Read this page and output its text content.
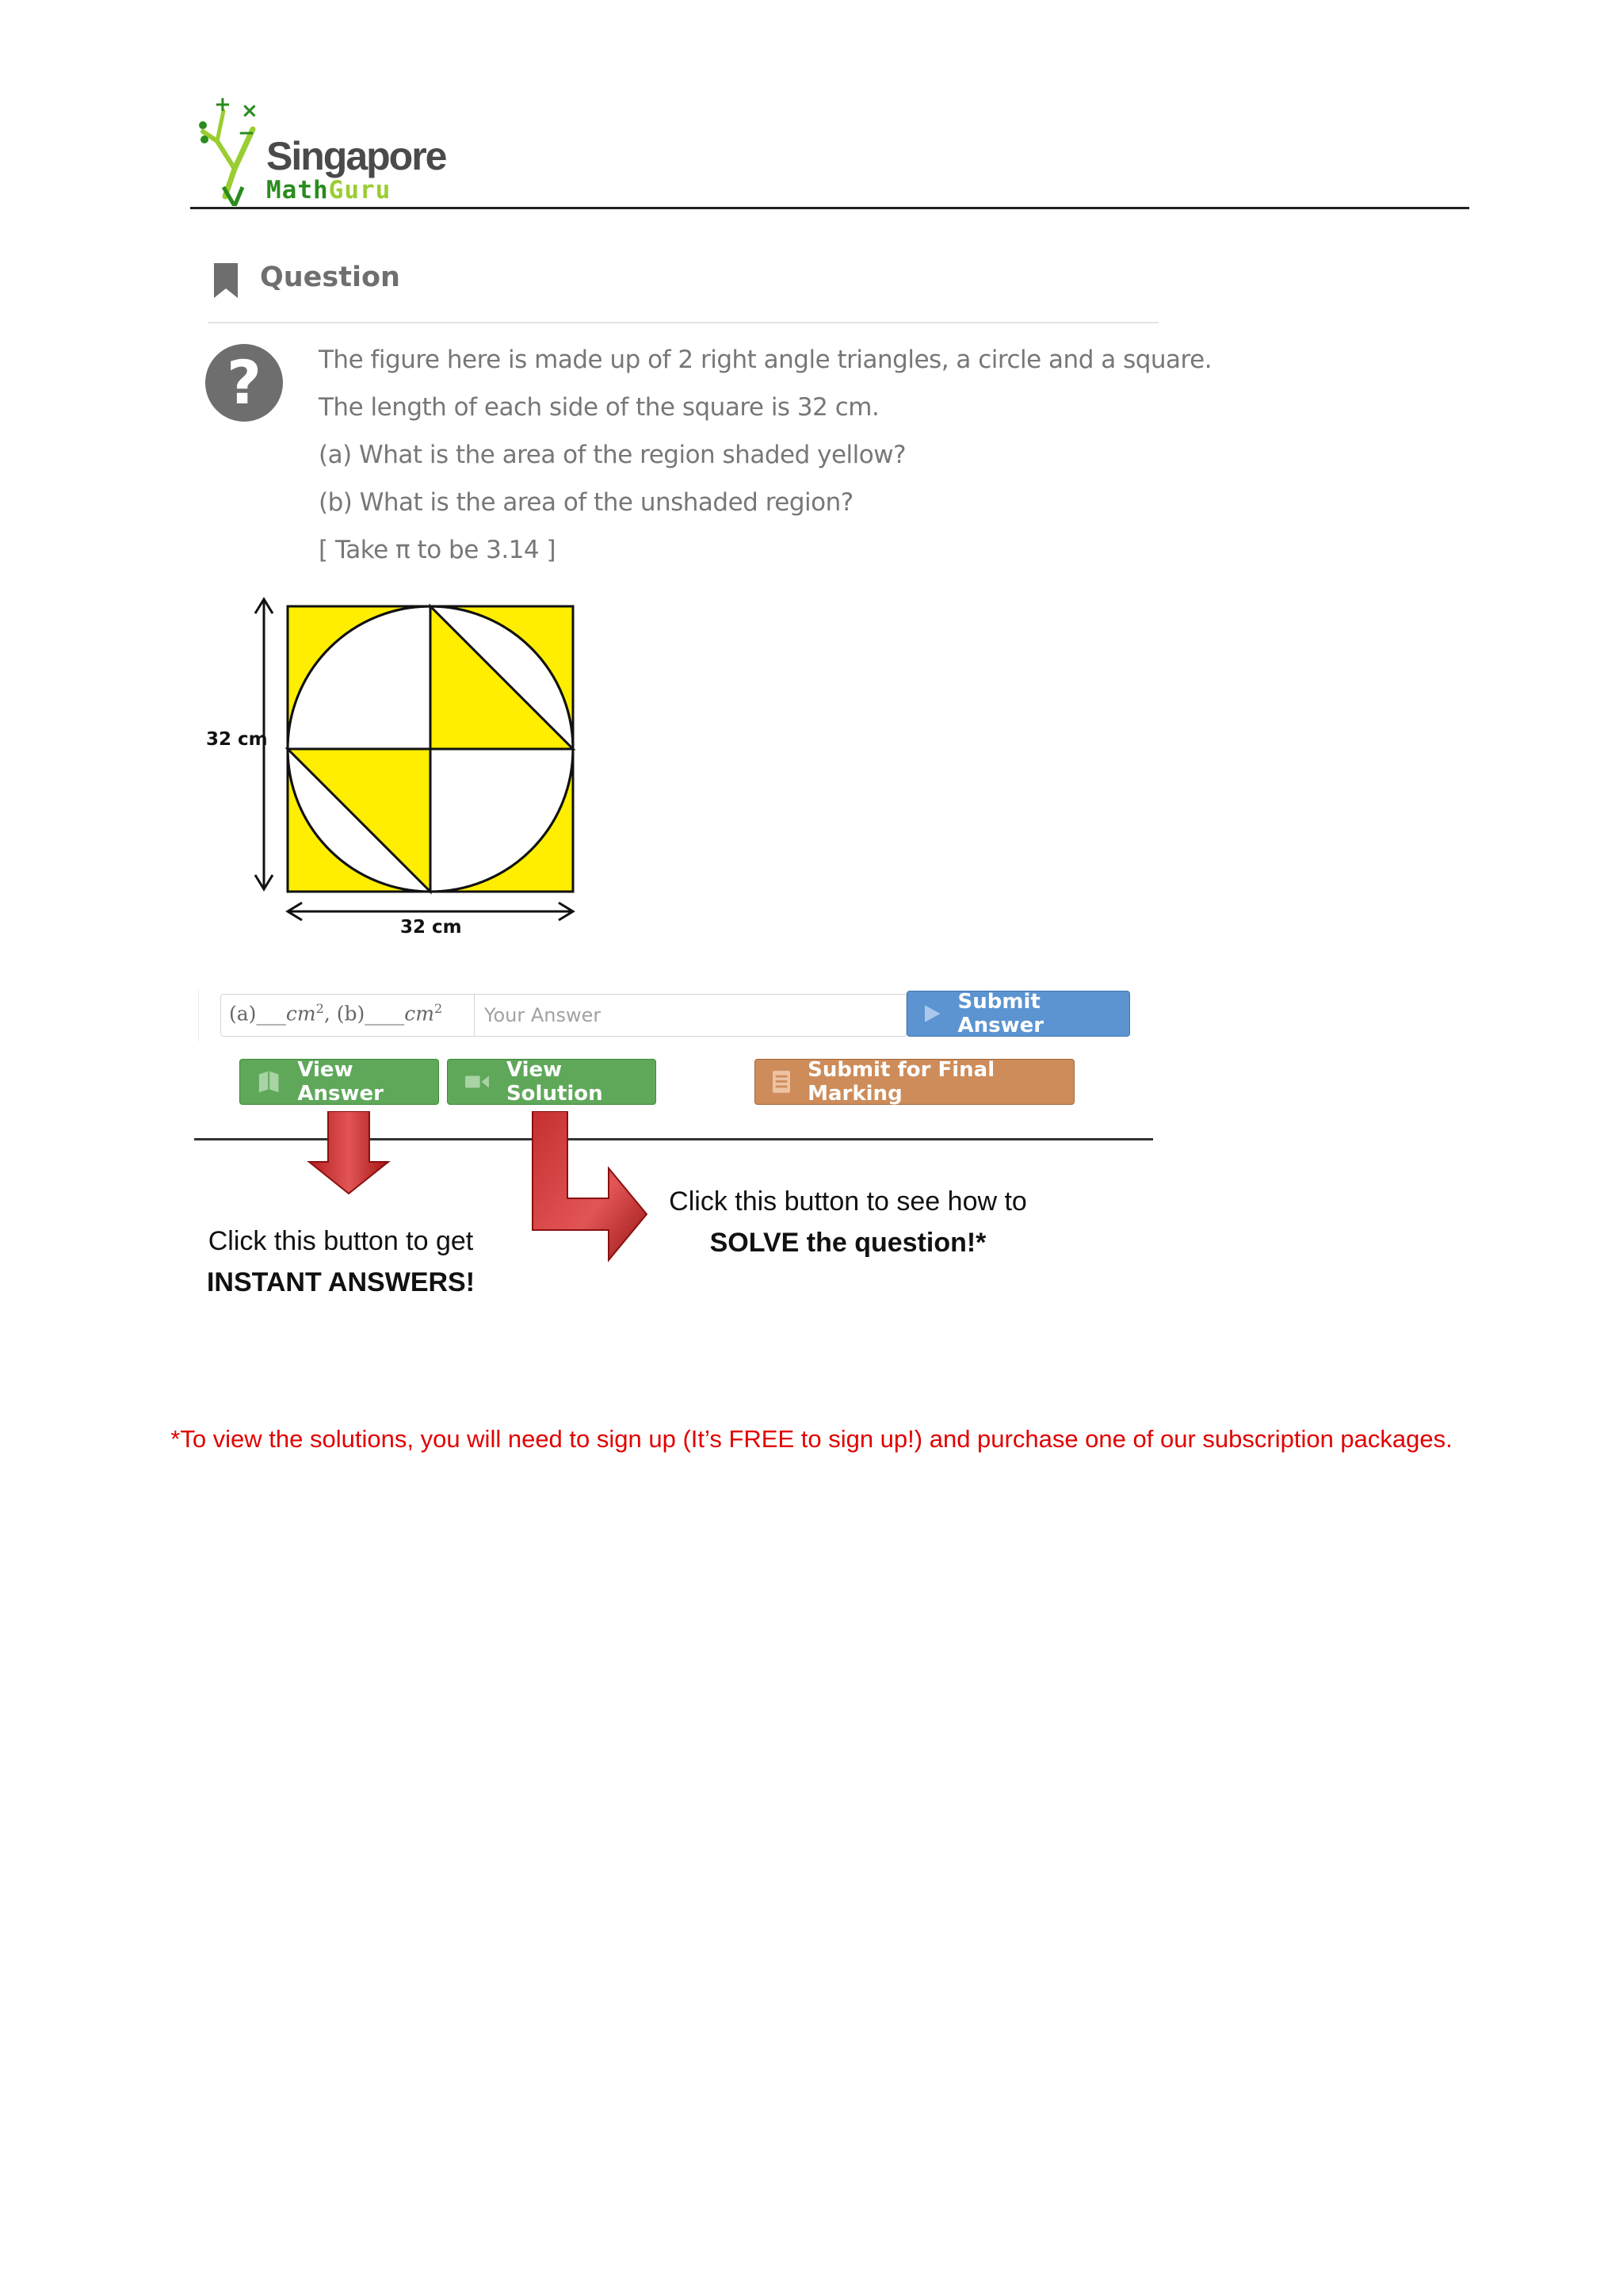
+ ×
−
Singapore
MathGuru
Question
?	The figure here is made up of 2 right angle triangles, a circle and a square.
The length of each side of the square is 32 cm.
(a) What is the area of the region shaded yellow?
(b) What is the area of the unshaded region?
[ Take π to be 3.14 ]
32 cm
32 cm
$(a)\_\_\_cm^2$, $(b)\_\_\_\_cm^2$
Your Answer	Submit Answer
View Answer
View Solution
Submit for Final Marking
Click this button to get
INSTANT ANSWERS!
Click this button to see how to
SOLVE the question!*
*To view the solutions, you will need to sign up (It’s FREE to sign up!) and purchase one of our subscription packages.
